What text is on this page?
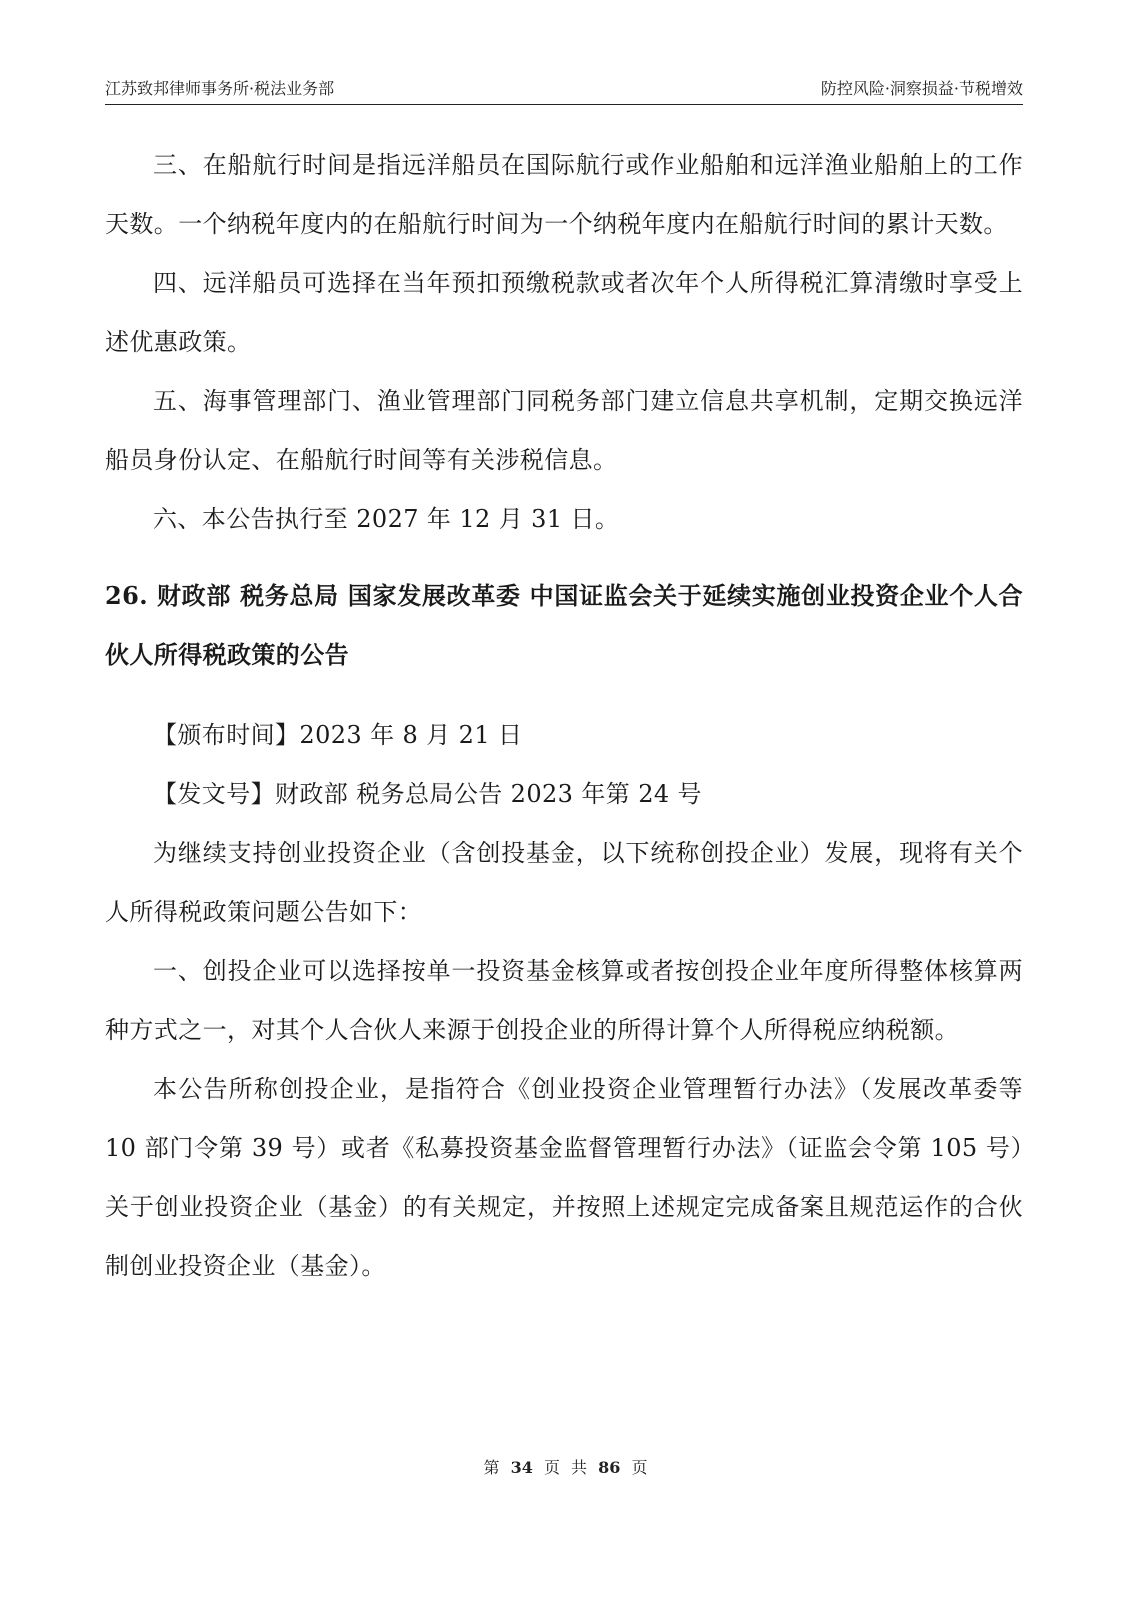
江苏致邦律师事务所·税法业务部	防控风险·洞察损益·节税增效

三、在船航行时间是指远洋船员在国际航行或作业船舶和远洋渔业船舶上的工作天数。一个纳税年度内的在船航行时间为一个纳税年度内在船航行时间的累计天数。

四、远洋船员可选择在当年预扣预缴税款或者次年个人所得税汇算清缴时享受上述优惠政策。

五、海事管理部门、渔业管理部门同税务部门建立信息共享机制，定期交换远洋船员身份认定、在船航行时间等有关涉税信息。

六、本公告执行至 2027 年 12 月 31 日。

26. 财政部 税务总局 国家发展改革委 中国证监会关于延续实施创业投资企业个人合伙人所得税政策的公告

【颁布时间】2023 年 8 月 21 日

【发文号】财政部 税务总局公告 2023 年第 24 号

为继续支持创业投资企业（含创投基金，以下统称创投企业）发展，现将有关个人所得税政策问题公告如下：

一、创投企业可以选择按单一投资基金核算或者按创投企业年度所得整体核算两种方式之一，对其个人合伙人来源于创投企业的所得计算个人所得税应纳税额。

本公告所称创投企业，是指符合《创业投资企业管理暂行办法》（发展改革委等 10 部门令第 39 号）或者《私募投资基金监督管理暂行办法》（证监会令第 105 号）关于创业投资企业（基金）的有关规定，并按照上述规定完成备案且规范运作的合伙制创业投资企业（基金）。

第 34 页 共 86 页
